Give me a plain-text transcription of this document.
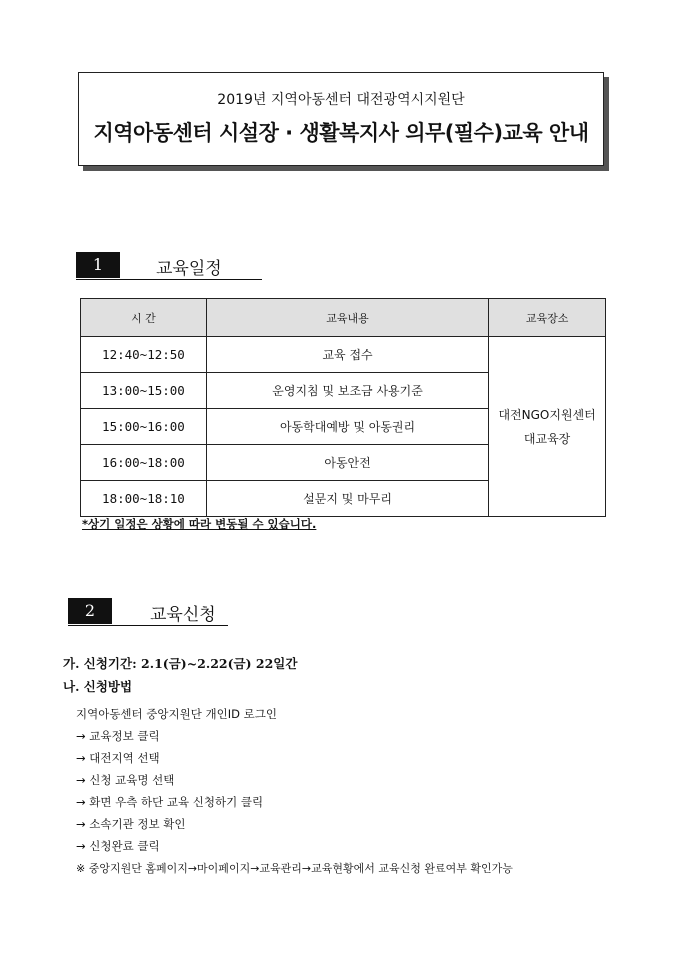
2019년 지역아동센터 대전광역시지원단
지역아동센터 시설장 · 생활복지사 의무(필수)교육 안내
1	교육일정
시 간	교육내용	교육장소
12:40~12:50	교육 접수	대전NGO지원센터
대교육장

13:00~15:00	운영지침 및 보조금 사용기준	
15:00~16:00	아동학대예방 및 아동권리	
16:00~18:00	아동안전	
18:00~18:10	설문지 및 마무리	
*상기 일정은 상황에 따라 변동될 수 있습니다.
2	교육신청
가. 신청기간: 2.1(금)~2.22(금) 22일간
나. 신청방법
지역아동센터 중앙지원단 개인ID 로그인
→ 교육정보 클릭
→ 대전지역 선택
→ 신청 교육명 선택
→ 화면 우측 하단 교육 신청하기 클릭
→ 소속기관 정보 확인
→ 신청완료 클릭
※ 중앙지원단 홈페이지→마이페이지→교육관리→교육현황에서 교육신청 완료여부 확인가능
